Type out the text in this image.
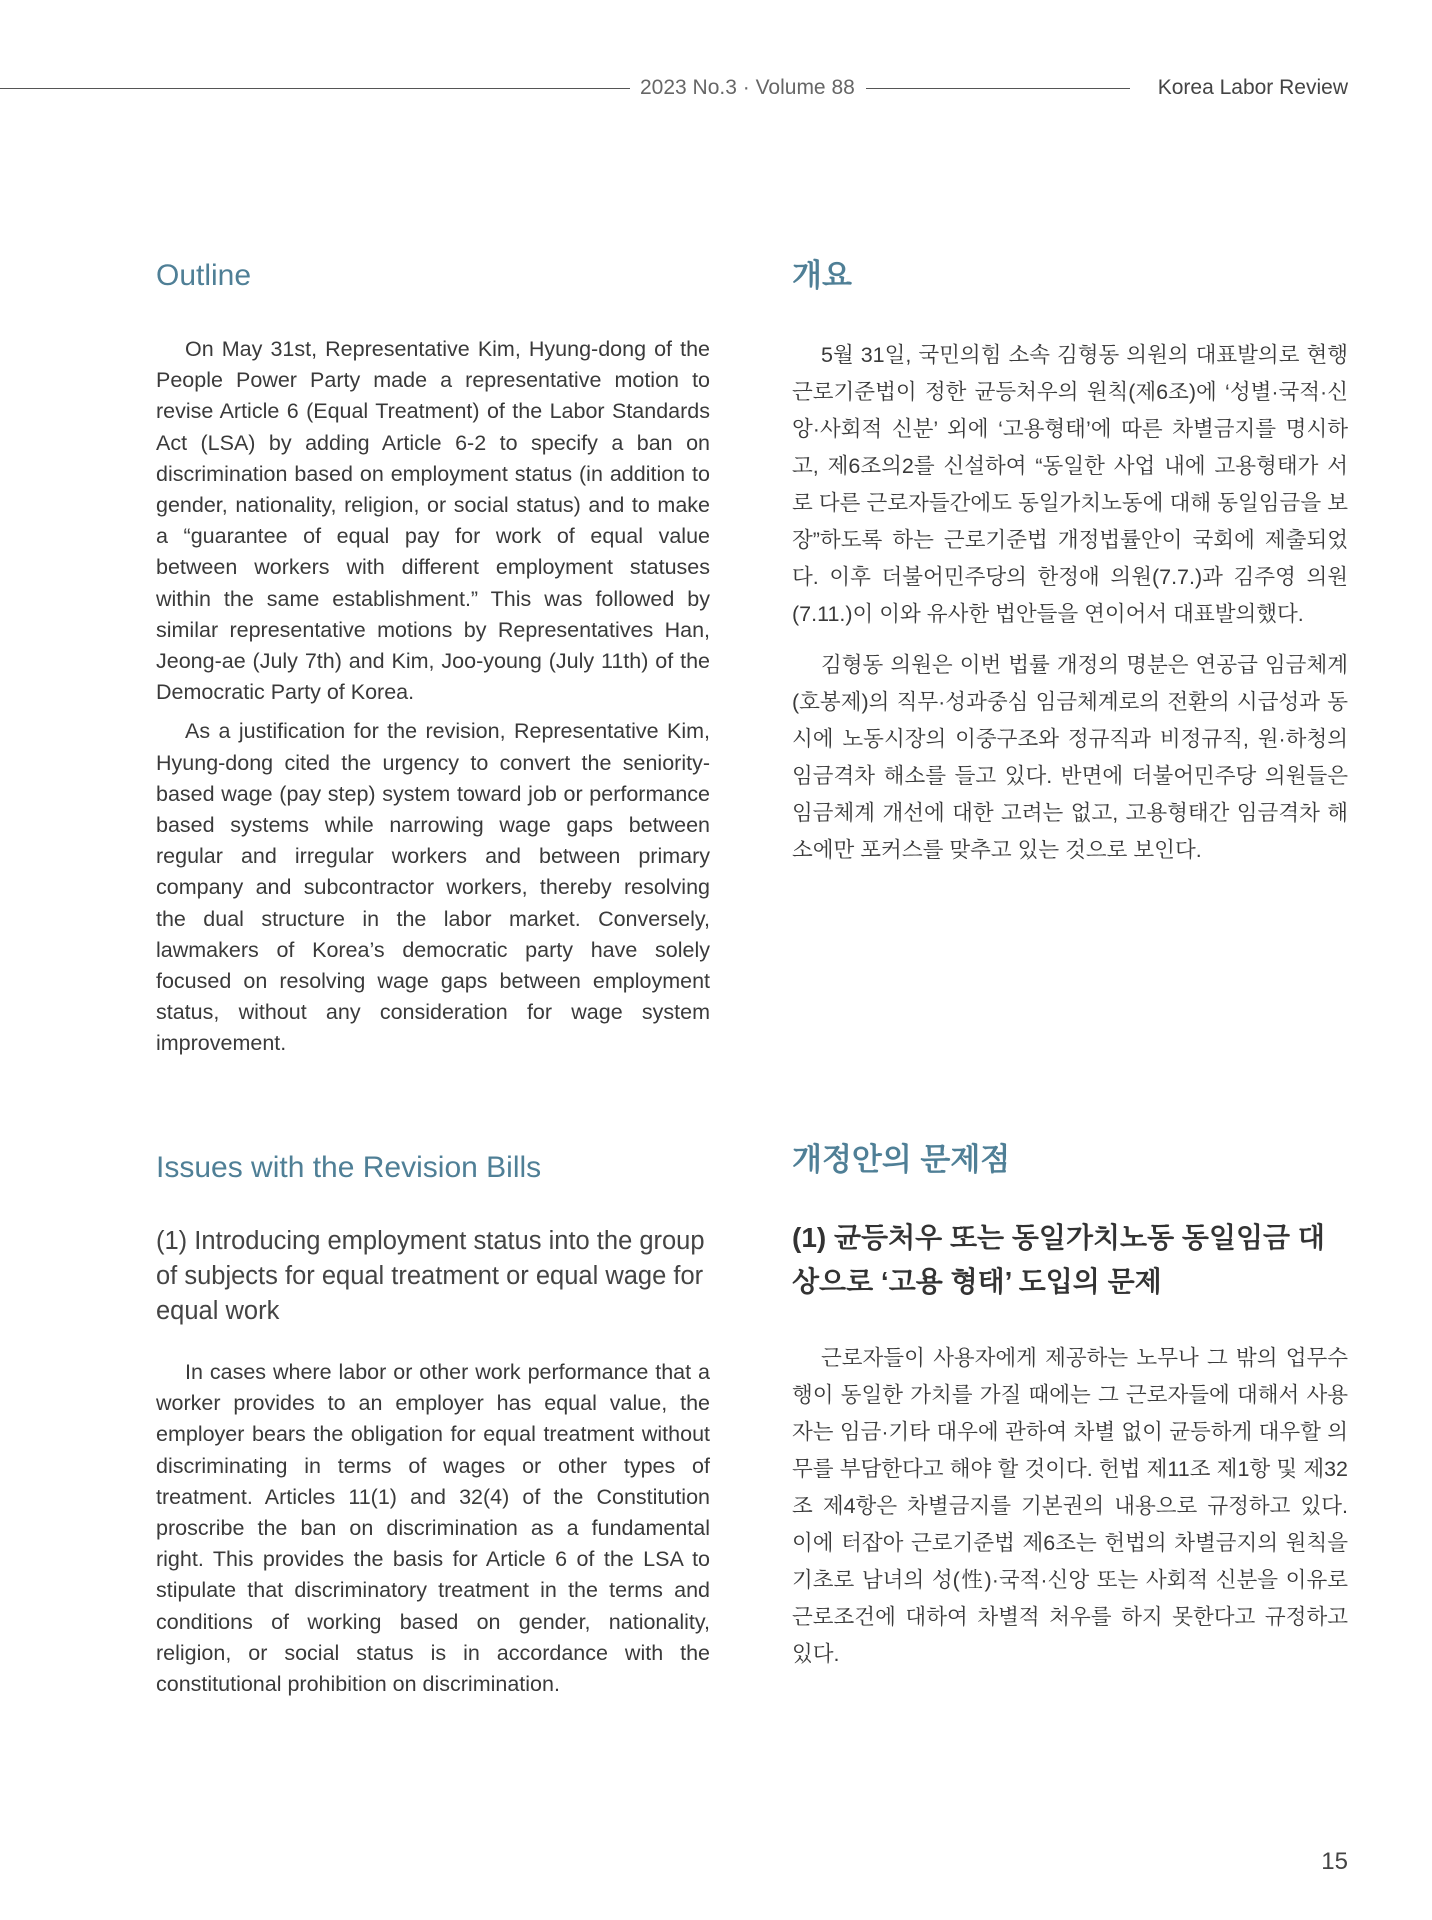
2023 No.3 · Volume 88	Korea Labor Review
Outline

On May 31st, Representative Kim, Hyung-dong of the People Power Party made a representative motion to revise Article 6 (Equal Treatment) of the Labor Standards Act (LSA) by adding Article 6-2 to specify a ban on discrimination based on employment status (in addition to gender, nationality, religion, or social status) and to make a “guarantee of equal pay for work of equal value between workers with different employment statuses within the same establishment.” This was followed by similar representative motions by Representatives Han, Jeong-ae (July 7th) and Kim, Joo-young (July 11th) of the Democratic Party of Korea.

As a justification for the revision, Representative Kim, Hyung-dong cited the urgency to convert the seniority-based wage (pay step) system toward job or performance based systems while narrowing wage gaps between regular and irregular workers and between primary company and subcontractor workers, thereby resolving the dual structure in the labor market. Conversely, lawmakers of Korea’s democratic party have solely focused on resolving wage gaps between employment status, without any consideration for wage system improvement.

개요

5월 31일, 국민의힘 소속 김형동 의원의 대표발의로 현행 근로기준법이 정한 균등처우의 원칙(제6조)에 ‘성별·국적·신앙·사회적 신분’ 외에 ‘고용형태’에 따른 차별금지를 명시하고, 제6조의2를 신설하여 “동일한 사업 내에 고용형태가 서로 다른 근로자들간에도 동일가치노동에 대해 동일임금을 보장”하도록 하는 근로기준법 개정법률안이 국회에 제출되었다. 이후 더불어민주당의 한정애 의원(7.7.)과 김주영 의원(7.11.)이 이와 유사한 법안들을 연이어서 대표발의했다.

김형동 의원은 이번 법률 개정의 명분은 연공급 임금체계(호봉제)의 직무·성과중심 임금체계로의 전환의 시급성과 동시에 노동시장의 이중구조와 정규직과 비정규직, 원·하청의 임금격차 해소를 들고 있다. 반면에 더불어민주당 의원들은 임금체계 개선에 대한 고려는 없고, 고용형태간 임금격차 해소에만 포커스를 맞추고 있는 것으로 보인다.

Issues with the Revision Bills
(1) Introducing employment status into the group of subjects for equal treatment or equal wage for equal work

In cases where labor or other work performance that a worker provides to an employer has equal value, the employer bears the obligation for equal treatment without discriminating in terms of wages or other types of treatment. Articles 11(1) and 32(4) of the Constitution proscribe the ban on discrimination as a fundamental right. This provides the basis for Article 6 of the LSA to stipulate that discriminatory treatment in the terms and conditions of working based on gender, nationality, religion, or social status is in accordance with the constitutional prohibition on discrimination.

개정안의 문제점
(1) 균등처우 또는 동일가치노동 동일임금 대상으로 ‘고용 형태’ 도입의 문제

근로자들이 사용자에게 제공하는 노무나 그 밖의 업무수행이 동일한 가치를 가질 때에는 그 근로자들에 대해서 사용자는 임금·기타 대우에 관하여 차별 없이 균등하게 대우할 의무를 부담한다고 해야 할 것이다. 헌법 제11조 제1항 및 제32조 제4항은 차별금지를 기본권의 내용으로 규정하고 있다. 이에 터잡아 근로기준법 제6조는 헌법의 차별금지의 원칙을 기초로 남녀의 성(性)·국적·신앙 또는 사회적 신분을 이유로 근로조건에 대하여 차별적 처우를 하지 못한다고 규정하고 있다.

15
